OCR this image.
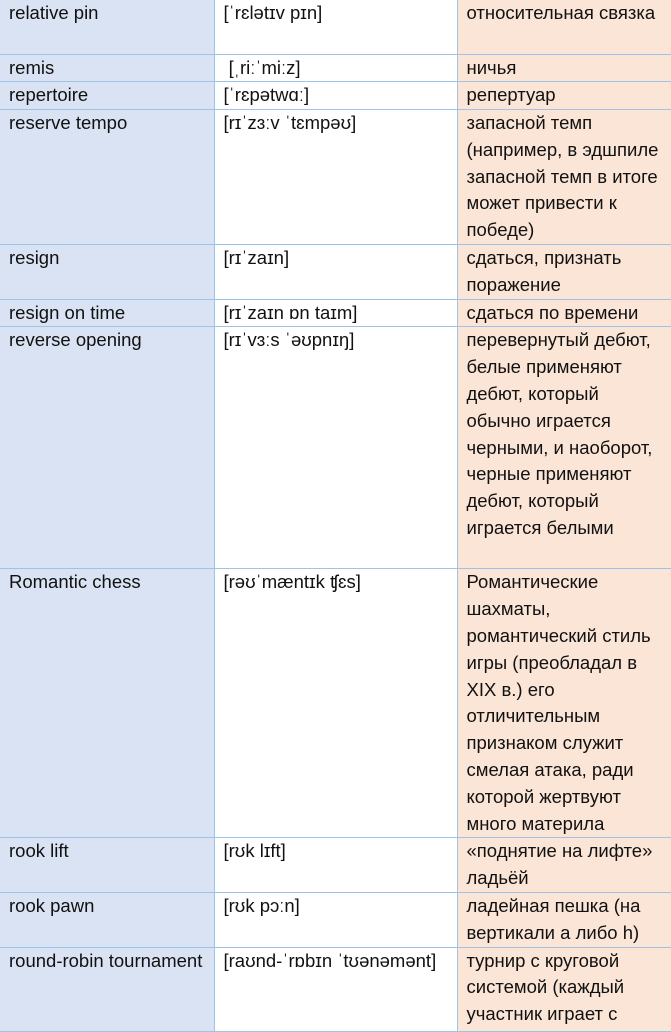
relative pin	[ˈrɛlətɪv pɪn]	относительная связка
remis	[ˌriːˈmiːz]	ничья
repertoire	[ˈrɛpətwɑː]	репертуар
reserve tempo	[rɪˈzɜːv ˈtɛmpəʊ]	запасной темп (например, в эдшпиле запасной темп в итоге может привести к победе)
resign	[rɪˈzaɪn]	сдаться, признать поражение
resign on time	[rɪˈzaɪn ɒn taɪm]	сдаться по времени
reverse opening	[rɪˈvɜːs ˈəʊpnɪŋ]	перевернутый дебют, белые применяют дебют, который обычно играется черными, и наоборот, черные применяют дебют, который играется белыми
Romantic chess	[rəʊˈmæntɪk ʧɛs]	Романтические шахматы, романтический стиль игры (преобладал в XIX в.) его отличительным признаком служит смелая атака, ради которой жертвуют много материла
rook lift	[rʊk lɪft]	«поднятие на лифте» ладьёй
rook pawn	[rʊk pɔːn]	ладейная пешка (на вертикали a либо h)
round-robin tournament	[raʊnd-ˈrɒbɪn ˈtʊənəmənt]	турнир с круговой системой (каждый участник играет с
